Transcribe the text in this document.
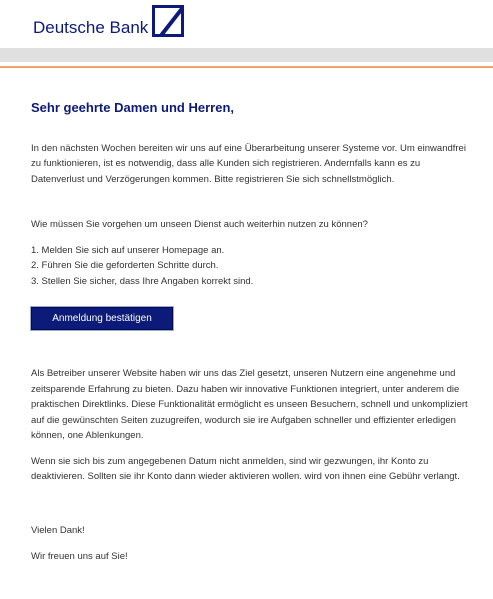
Deutsche Bank
Sehr geehrte Damen und Herren,

In den nächsten Wochen bereiten wir uns auf eine Überarbeitung unserer Systeme vor. Um einwandfrei zu funktionieren, ist es notwendig, dass alle Kunden sich registrieren. Andernfalls kann es zu Datenverlust und Verzögerungen kommen. Bitte registrieren Sie sich schnellstmöglich.

Wie müssen Sie vorgehen um unseen Dienst auch weiterhin nutzen zu können?

1. Melden Sie sich auf unserer Homepage an.
2. Führen Sie die geforderten Schritte durch.
3. Stellen Sie sicher, dass Ihre Angaben korrekt sind.
Anmeldung bestätigen

Als Betreiber unserer Website haben wir uns das Ziel gesetzt, unseren Nutzern eine angenehme und zeitsparende Erfahrung zu bieten. Dazu haben wir innovative Funktionen integriert, unter anderem die praktischen Direktlinks. Diese Funktionalität ermöglicht es unseen Besuchern, schnell und unkompliziert auf die gewünschten Seiten zuzugreifen, wodurch sie ire Aufgaben schneller und effizienter erledigen können, one Ablenkungen.

Wenn sie sich bis zum angegebenen Datum nicht anmelden, sind wir gezwungen, ihr Konto zu deaktivieren. Sollten sie ihr Konto dann wieder aktivieren wollen. wird von ihnen eine Gebühr verlangt.

Vielen Dank!

Wir freuen uns auf Sie!
